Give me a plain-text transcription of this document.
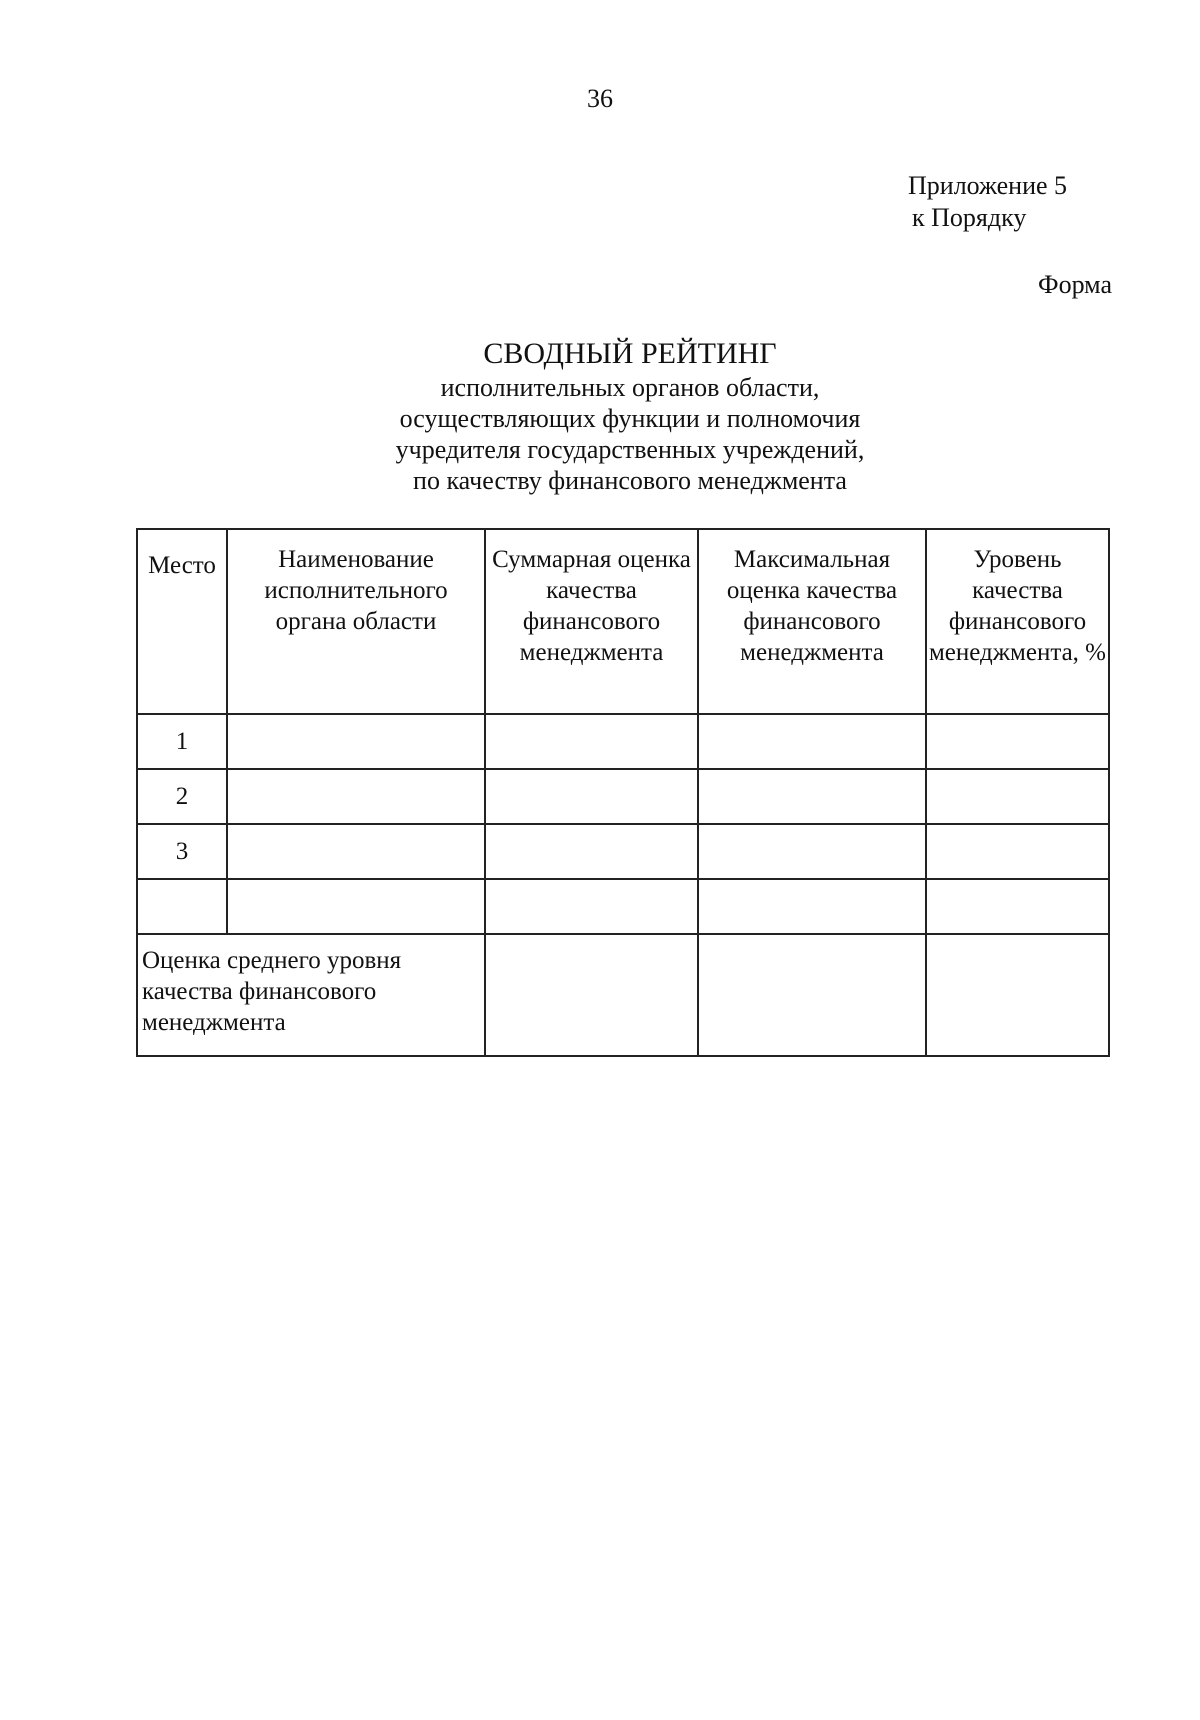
36
Приложение 5
к Порядку
Форма
СВОДНЫЙ РЕЙТИНГ
исполнительных органов области,
осуществляющих функции и полномочия
учредителя государственных учреждений,
по качеству финансового менеджмента
Место	Наименование исполнительного органа области	Суммарная оценка качества финансового менеджмента	Максимальная оценка качества финансового менеджмента	Уровень качества финансового менеджмента, %
1				
2				
3				

Оценка среднего уровня качества финансового менеджмента				
